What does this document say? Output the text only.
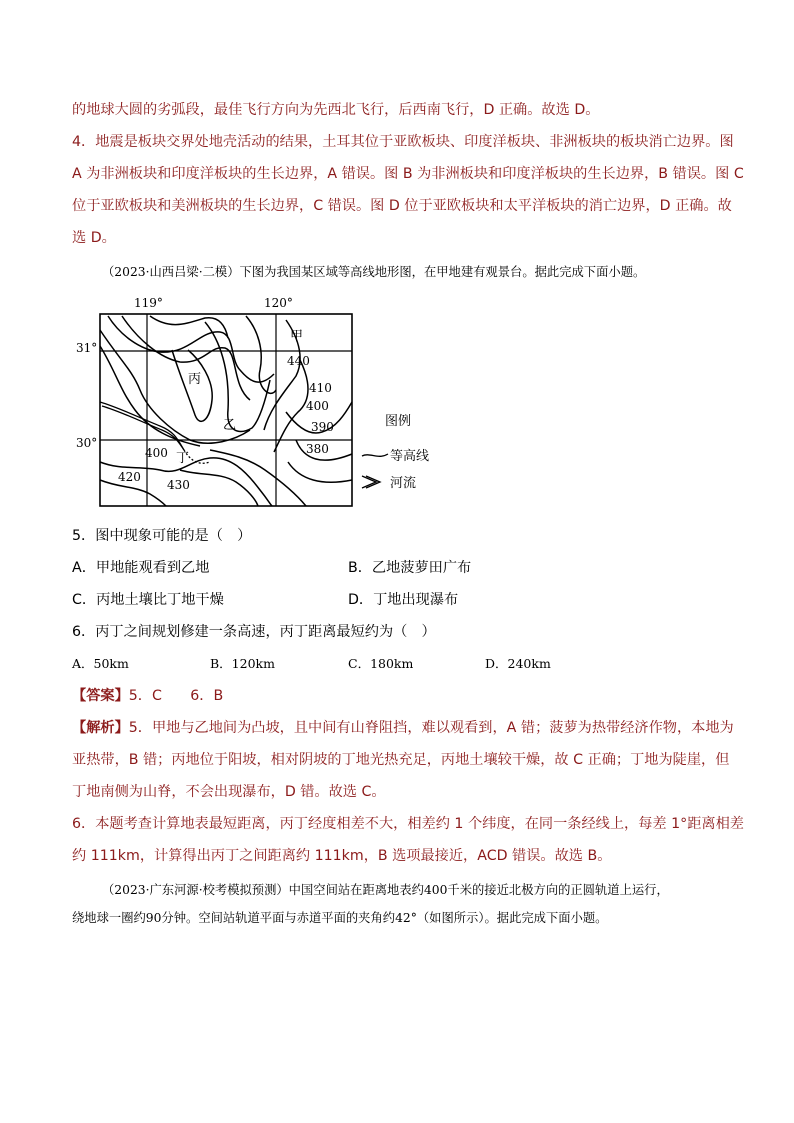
的地球大圆的劣弧段，最佳飞行方向为先西北飞行，后西南飞行，D 正确。故选 D。
4．地震是板块交界处地壳活动的结果，土耳其位于亚欧板块、印度洋板块、非洲板块的板块消亡边界。图
A 为非洲板块和印度洋板块的生长边界，A 错误。图 B 为非洲板块和印度洋板块的生长边界，B 错误。图 C
位于亚欧板块和美洲板块的生长边界，C 错误。图 D 位于亚欧板块和太平洋板块的消亡边界，D 正确。故
选 D。
（2023·山西吕梁·二模）下图为我国某区域等高线地形图，在甲地建有观景台。据此完成下面小题。
119°	120°
31°
30°
440
410
400
390
380
400
420
430
甲
乙
丙
丁
图例
等高线
河流
5．图中现象可能的是（　）
A．甲地能观看到乙地	B．乙地菠萝田广布
C．丙地土壤比丁地干燥	D．丁地出现瀑布
6．丙丁之间规划修建一条高速，丙丁距离最短约为（　）
A．50km	B．120km	C．180km	D．240km
【答案】5．C　　6．B
【解析】5．甲地与乙地间为凸坡，且中间有山脊阻挡，难以观看到，A 错；菠萝为热带经济作物，本地为
亚热带，B 错；丙地位于阳坡，相对阴坡的丁地光热充足，丙地土壤较干燥，故 C 正确；丁地为陡崖，但
丁地南侧为山脊，不会出现瀑布，D 错。故选 C。
6．本题考查计算地表最短距离，丙丁经度相差不大，相差约 1 个纬度，在同一条经线上，每差 1°距离相差
约 111km，计算得出丙丁之间距离约 111km，B 选项最接近，ACD 错误。故选 B。
（2023·广东河源·校考模拟预测）中国空间站在距离地表约400千米的接近北极方向的正圆轨道上运行，
绕地球一圈约90分钟。空间站轨道平面与赤道平面的夹角约42°（如图所示）。据此完成下面小题。
